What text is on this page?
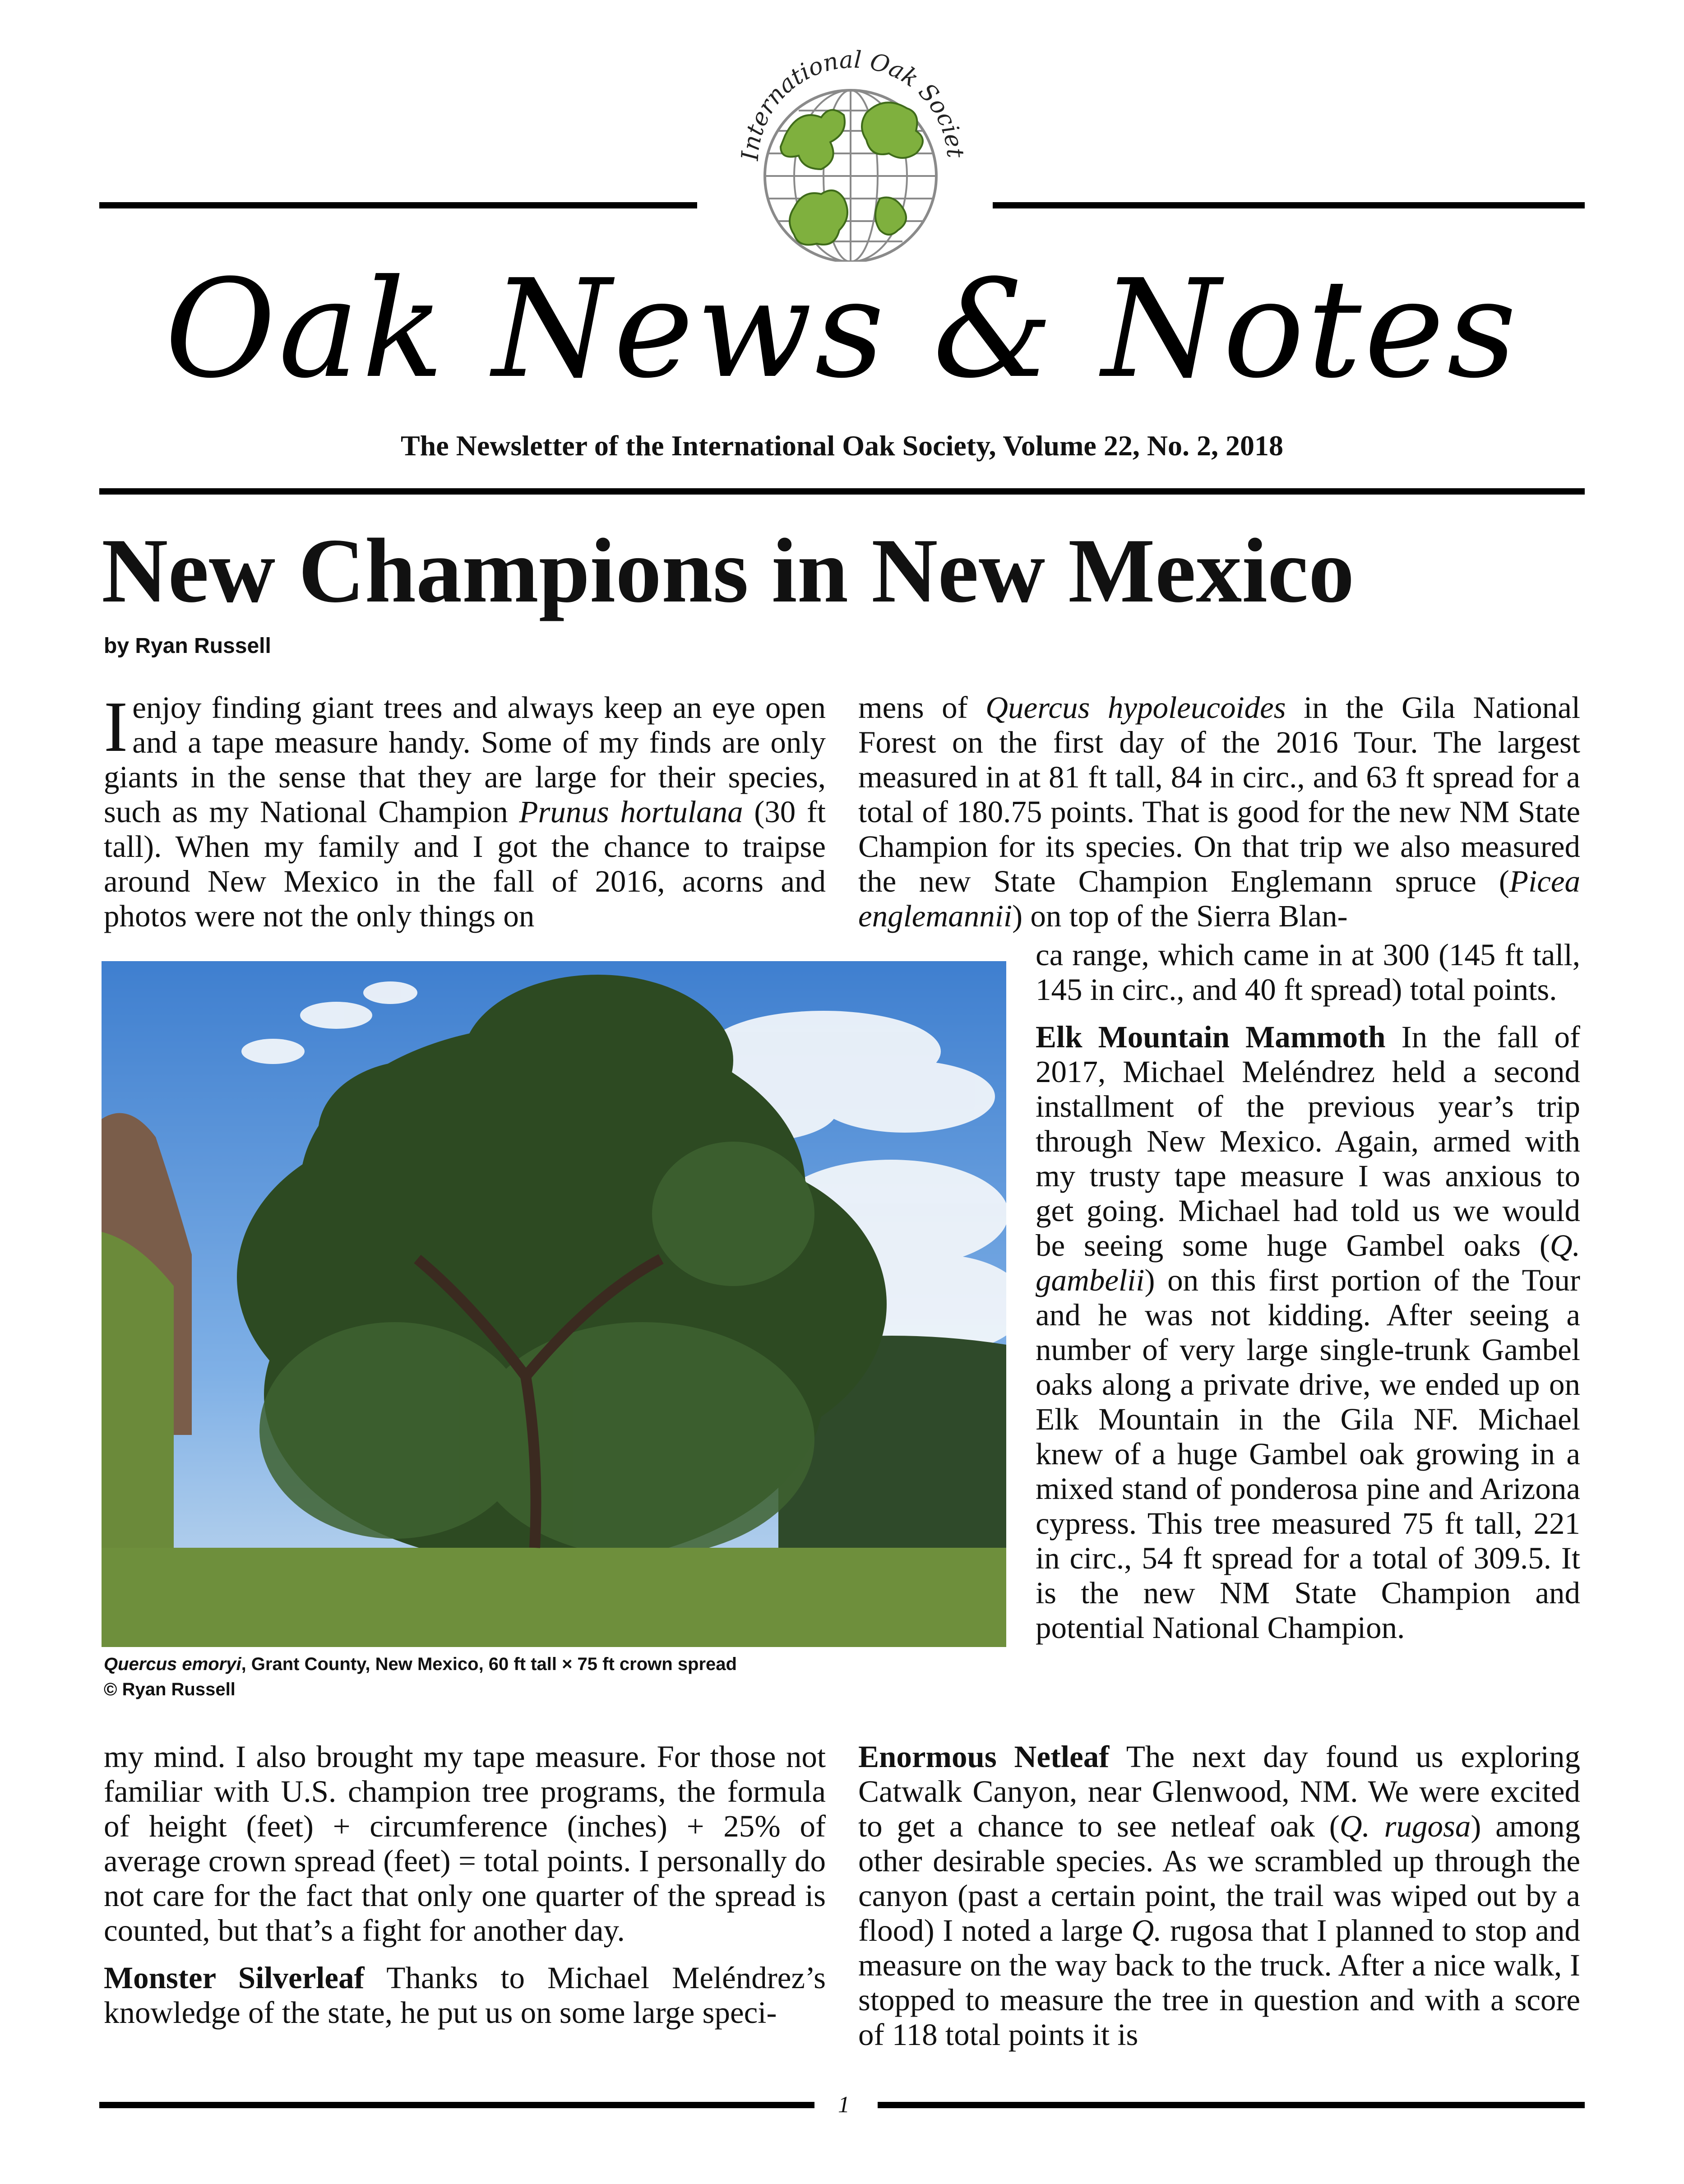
International Oak Societ
Oak News & Notes
The Newsletter of the International Oak Society, Volume 22, No. 2, 2018
New Champions in New Mexico
by Ryan Russell

I enjoy finding giant trees and always keep an eye open and a tape measure handy. Some of my finds are only giants in the sense that they are large for their species, such as my National Champion Prunus hortulana (30 ft tall). When my family and I got the chance to traipse around New Mexico in the fall of 2016, acorns and photos were not the only things on

Quercus emoryi, Grant County, New Mexico, 60 ft tall × 75 ft crown spread
© Ryan Russell

my mind. I also brought my tape measure. For those not familiar with U.S. champion tree programs, the formula of height (feet) + circumference (inches) + 25% of average crown spread (feet) = total points. I personally do not care for the fact that only one quarter of the spread is counted, but that’s a fight for another day.

Monster Silverleaf Thanks to Michael Meléndrez’s knowledge of the state, he put us on some large speci-

mens of Quercus hypoleucoides in the Gila National Forest on the first day of the 2016 Tour. The largest measured in at 81 ft tall, 84 in circ., and 63 ft spread for a total of 180.75 points. That is good for the new NM State Champion for its species. On that trip we also measured the new State Champion Englemann spruce (Picea englemannii) on top of the Sierra Blan-

ca range, which came in at 300 (145 ft tall, 145 in circ., and 40 ft spread) total points.

Elk Mountain Mammoth In the fall of 2017, Michael Meléndrez held a second installment of the previous year’s trip through New Mexico. Again, armed with my trusty tape measure I was anxious to get going. Michael had told us we would be seeing some huge Gambel oaks (Q. gambelii) on this first portion of the Tour and he was not kidding. After seeing a number of very large single-trunk Gambel oaks along a private drive, we ended up on Elk Mountain in the Gila NF. Michael knew of a huge Gambel oak growing in a mixed stand of ponderosa pine and Arizona cypress. This tree measured 75 ft tall, 221 in circ., 54 ft spread for a total of 309.5. It is the new NM State Champion and potential National Champion.

Enormous Netleaf The next day found us exploring Catwalk Canyon, near Glenwood, NM. We were excited to get a chance to see netleaf oak (Q. rugosa) among other desirable species. As we scrambled up through the canyon (past a certain point, the trail was wiped out by a flood) I noted a large Q. rugosa that I planned to stop and measure on the way back to the truck. After a nice walk, I stopped to measure the tree in question and with a score of 118 total points it is

1
